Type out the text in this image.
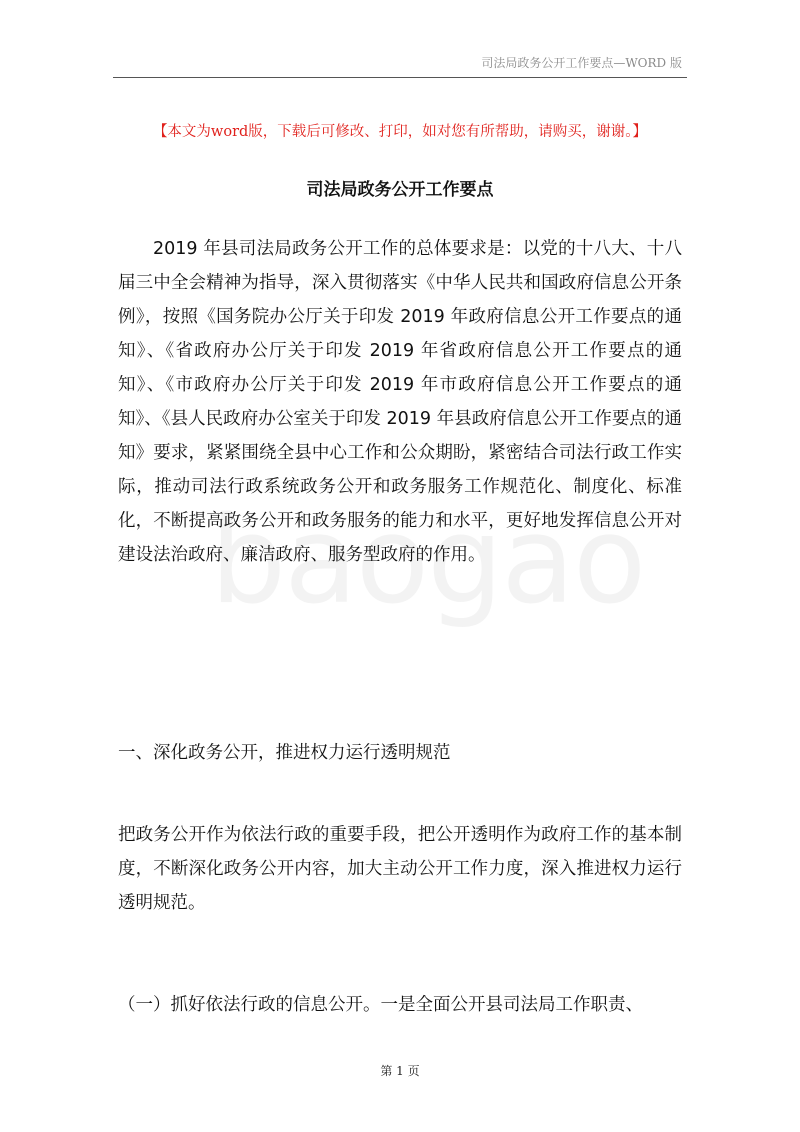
司法局政务公开工作要点—WORD 版
【本文为word版，下载后可修改、打印，如对您有所帮助，请购买，谢谢。】
司法局政务公开工作要点
2019 年县司法局政务公开工作的总体要求是：以党的十八大、十八届三中全会精神为指导，深入贯彻落实《中华人民共和国政府信息公开条例》，按照《国务院办公厅关于印发 2019 年政府信息公开工作要点的通知》、《省政府办公厅关于印发 2019 年省政府信息公开工作要点的通知》、《市政府办公厅关于印发 2019 年市政府信息公开工作要点的通知》、《县人民政府办公室关于印发 2019 年县政府信息公开工作要点的通知》要求，紧紧围绕全县中心工作和公众期盼，紧密结合司法行政工作实际，推动司法行政系统政务公开和政务服务工作规范化、制度化、标准化，不断提高政务公开和政务服务的能力和水平，更好地发挥信息公开对建设法治政府、廉洁政府、服务型政府的作用。
一、深化政务公开，推进权力运行透明规范
把政务公开作为依法行政的重要手段，把公开透明作为政府工作的基本制度，不断深化政务公开内容，加大主动公开工作力度，深入推进权力运行透明规范。
（一）抓好依法行政的信息公开。一是全面公开县司法局工作职责、
第 1 页
